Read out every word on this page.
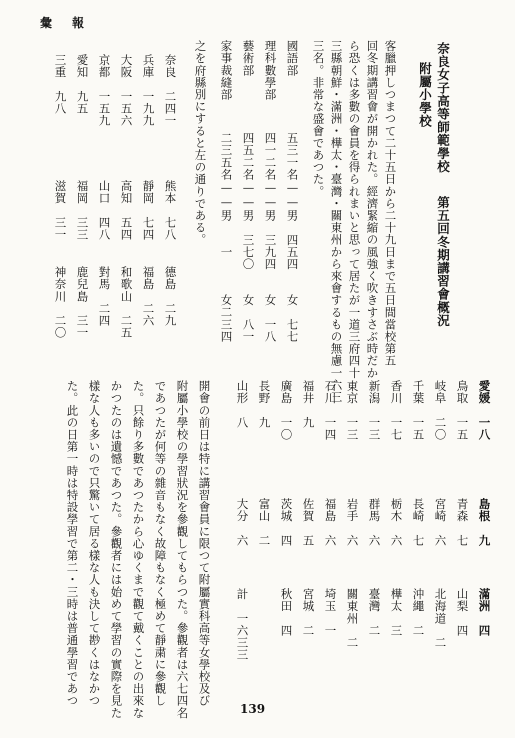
彙　報
奈良女子高等師範學校
附屬小學校
第五回冬期講習會概況
客臘押しつまつて二十五日から二十九日まで五日間當校第五
回冬期講習會が開かれた。經濟緊縮の風強く吹きすさぶ時だか
ら恐くは多數の會員を得られまいと思って居たが一道三府四十
三縣朝鮮・滿洲・樺太・臺灣・關東州から來會するもの無慮一六三
三名。非常な盛會であつた。
國語部
五三一名——男　四五四
女　七七
理科數學部
四一二名——男　三九四
女　一八
藝術部
四五二名——男　三七〇
女　八一
家事裁縫部
二三五名——男　　一
女二三四
之を府縣別にすると左の通りである。
奈良　二四一
熊本　七八
德島　二九
兵庫　一九九
靜岡　七四
福島　二六
大阪　一五六
高知　五四
和歌山　二五
京都　一五九
山口　四八
對馬　二四
愛知　九五
福岡　三三
鹿兒島　三一
三重　九八
滋賀　三一
神奈川　二〇
愛媛　一八
島根　九
滿洲　四
鳥取　一五
青森　七
山梨　四
岐阜　二〇
宮崎　六
北海道　二
千葉　一五
長崎　七
沖繩　二
香川　一七
栃木　六
樺太　三
新潟　一三
群馬　六
臺灣　二
東京　一三
岩手　六
關東州　二
石川　一四
福島　六
埼玉　一
福井　九
佐賀　五
宮城　二
廣島　一〇
茨城　四
秋田　四
長野　九
富山　二
山形　八
大分　六
計　一六三三
開會の前日は特に講習會員に限つて附屬實科高等女學校及び
附屬小學校の學習狀況を參觀してもらつた。參觀者は六七四名
であつたが何等の雜音もなく故障もなく極めて靜粛に參觀し
た。只餘り多數であつたから心ゆくまで觀て戴くことの出來な
かつたのは遺憾であつた。參觀者には始めて學習の實際を見た
樣な人も多いので只驚いて居る樣な人も決して尠くはなかつ
た。此の日第一時は特設學習で第二・三時は普通學習であつ
139
